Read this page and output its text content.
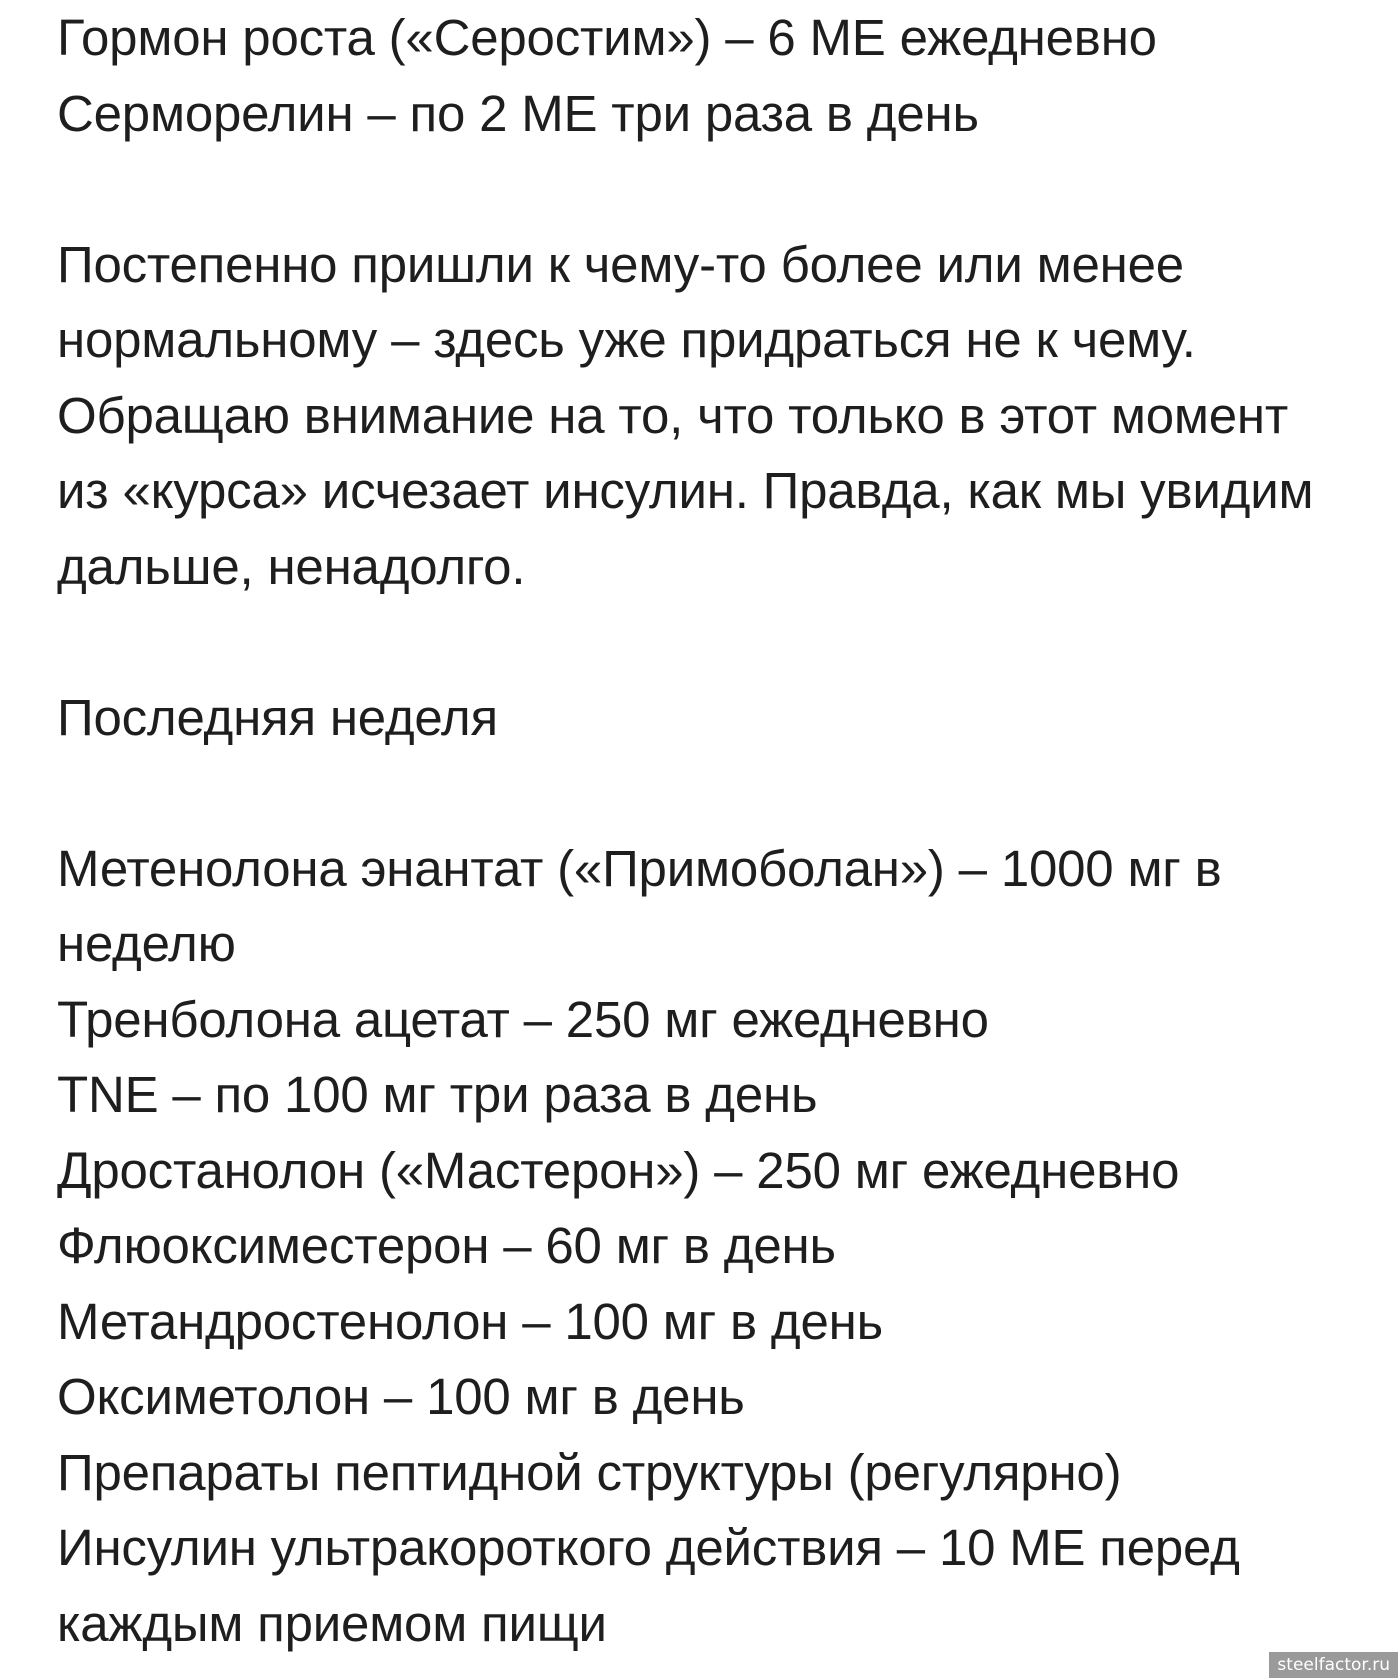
Гормон роста («Серостим») – 6 МЕ ежедневно
Серморелин – по 2 МЕ три раза в день
Постепенно пришли к чему-то более или менее
нормальному – здесь уже придраться не к чему.
Обращаю внимание на то, что только в этот момент
из «курса» исчезает инсулин. Правда, как мы увидим
дальше, ненадолго.
Последняя неделя
Метенолона энантат («Примоболан») – 1000 мг в
неделю
Тренболона ацетат – 250 мг ежедневно
TNE – по 100 мг три раза в день
Дростанолон («Мастерон») – 250 мг ежедневно
Флюоксиместерон – 60 мг в день
Метандростенолон – 100 мг в день
Оксиметолон – 100 мг в день
Препараты пептидной структуры (регулярно)
Инсулин ультракороткого действия – 10 МЕ перед
каждым приемом пищи
steelfactor.ru
